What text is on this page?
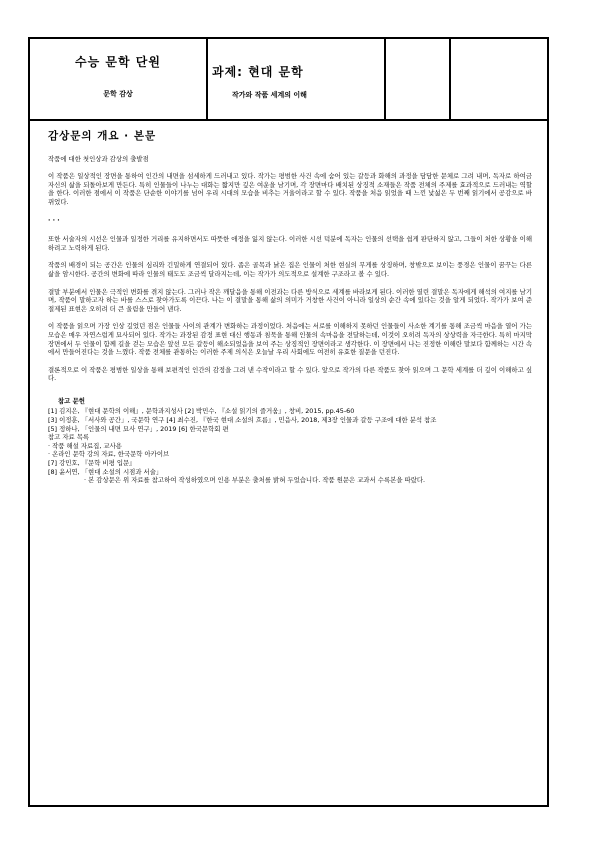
수능 문학 단원
문학 감상
과제: 현대 문학
작가와 작품 세계의 이해
감상문의 개요 · 본문
작품에 대한 첫인상과 감상의 출발점
이 작품은 일상적인 장면을 통하여 인간의 내면을 섬세하게 드러내고 있다. 작가는 평범한 사건 속에 숨어 있는 갈등과 화해의 과정을 담담한 문체로 그려 내며, 독자로 하여금 자신의 삶을 되돌아보게 만든다. 특히 인물들이 나누는 대화는 짧지만 깊은 여운을 남기며, 각 장면마다 배치된 상징적 소재들은 작품 전체의 주제를 효과적으로 드러내는 역할을 한다. 이러한 점에서 이 작품은 단순한 이야기를 넘어 우리 시대의 모습을 비추는 거울이라고 할 수 있다. 작품을 처음 읽었을 때 느낀 낯섦은 두 번째 읽기에서 공감으로 바뀌었다.
· · ·
또한 서술자의 시선은 인물과 일정한 거리를 유지하면서도 따뜻한 애정을 잃지 않는다. 이러한 시선 덕분에 독자는 인물의 선택을 쉽게 판단하지 않고, 그들이 처한 상황을 이해하려고 노력하게 된다.
작품의 배경이 되는 공간은 인물의 심리와 긴밀하게 연결되어 있다. 좁은 골목과 낡은 집은 인물이 처한 현실의 무게를 상징하며, 창밖으로 보이는 풍경은 인물이 꿈꾸는 다른 삶을 암시한다. 공간의 변화에 따라 인물의 태도도 조금씩 달라지는데, 이는 작가가 의도적으로 설계한 구조라고 볼 수 있다.
결말 부분에서 인물은 극적인 변화를 겪지 않는다. 그러나 작은 깨달음을 통해 이전과는 다른 방식으로 세계를 바라보게 된다. 이러한 열린 결말은 독자에게 해석의 여지를 남기며, 작품이 말하고자 하는 바를 스스로 찾아가도록 이끈다. 나는 이 결말을 통해 삶의 의미가 거창한 사건이 아니라 일상의 순간 속에 있다는 것을 알게 되었다. 작가가 보여 준 절제된 표현은 오히려 더 큰 울림을 만들어 낸다.
이 작품을 읽으며 가장 인상 깊었던 점은 인물들 사이의 관계가 변화하는 과정이었다. 처음에는 서로를 이해하지 못하던 인물들이 사소한 계기를 통해 조금씩 마음을 열어 가는 모습은 매우 자연스럽게 묘사되어 있다. 작가는 과장된 감정 표현 대신 행동과 침묵을 통해 인물의 속마음을 전달하는데, 이것이 오히려 독자의 상상력을 자극한다. 특히 마지막 장면에서 두 인물이 함께 길을 걷는 모습은 앞선 모든 갈등이 해소되었음을 보여 주는 상징적인 장면이라고 생각한다. 이 장면에서 나는 진정한 이해란 말보다 함께하는 시간 속에서 만들어진다는 것을 느꼈다. 작품 전체를 관통하는 이러한 주제 의식은 오늘날 우리 사회에도 여전히 유효한 질문을 던진다.
결론적으로 이 작품은 평범한 일상을 통해 보편적인 인간의 감정을 그려 낸 수작이라고 할 수 있다. 앞으로 작가의 다른 작품도 찾아 읽으며 그 문학 세계를 더 깊이 이해하고 싶다.
참고 문헌
[1] 김지은, 『현대 문학의 이해』, 문학과지성사 [2] 박민수, 『소설 읽기의 즐거움』, 창비, 2015, pp.45-60
[3] 이정훈, 「서사와 공간」, 국문학 연구 [4] 최수진, 『한국 현대 소설의 흐름』, 민음사, 2018, 제3장 인물과 갈등 구조에 대한 분석 참조
[5] 정하나, 「인물의 내면 묘사 연구」, 2019 [6] 한국문학회 편
참고 자료 목록
· 작품 해설 자료집, 교사용
· 온라인 문학 강의 자료, 한국문학 아카이브
[7] 강민호, 『문학 비평 입문』
[8] 윤서연, 「현대 소설의 시점과 서술」
· 본 감상문은 위 자료를 참고하여 작성하였으며 인용 부분은 출처를 밝혀 두었습니다. 작품 원문은 교과서 수록본을 따랐다.
